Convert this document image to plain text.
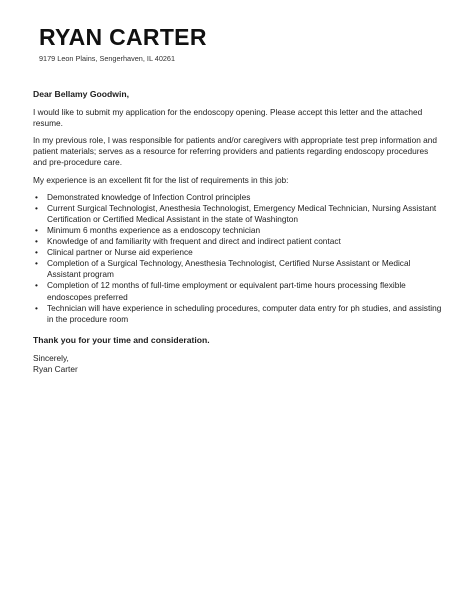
RYAN CARTER
9179 Leon Plains, Sengerhaven, IL 40261

Dear Bellamy Goodwin,

I would like to submit my application for the endoscopy opening. Please accept this letter and the attached resume.

In my previous role, I was responsible for patients and/or caregivers with appropriate test prep information and patient materials; serves as a resource for referring providers and patients regarding endoscopy procedures and pre-procedure care.

My experience is an excellent fit for the list of requirements in this job:

• Demonstrated knowledge of Infection Control principles
• Current Surgical Technologist, Anesthesia Technologist, Emergency Medical Technician, Nursing Assistant Certification or Certified Medical Assistant in the state of Washington
• Minimum 6 months experience as a endoscopy technician
• Knowledge of and familiarity with frequent and direct and indirect patient contact
• Clinical partner or Nurse aid experience
• Completion of a Surgical Technology, Anesthesia Technologist, Certified Nurse Assistant or Medical Assistant program
• Completion of 12 months of full-time employment or equivalent part-time hours processing flexible endoscopes preferred
• Technician will have experience in scheduling procedures, computer data entry for ph studies, and assisting in the procedure room

Thank you for your time and consideration.

Sincerely,

Ryan Carter
